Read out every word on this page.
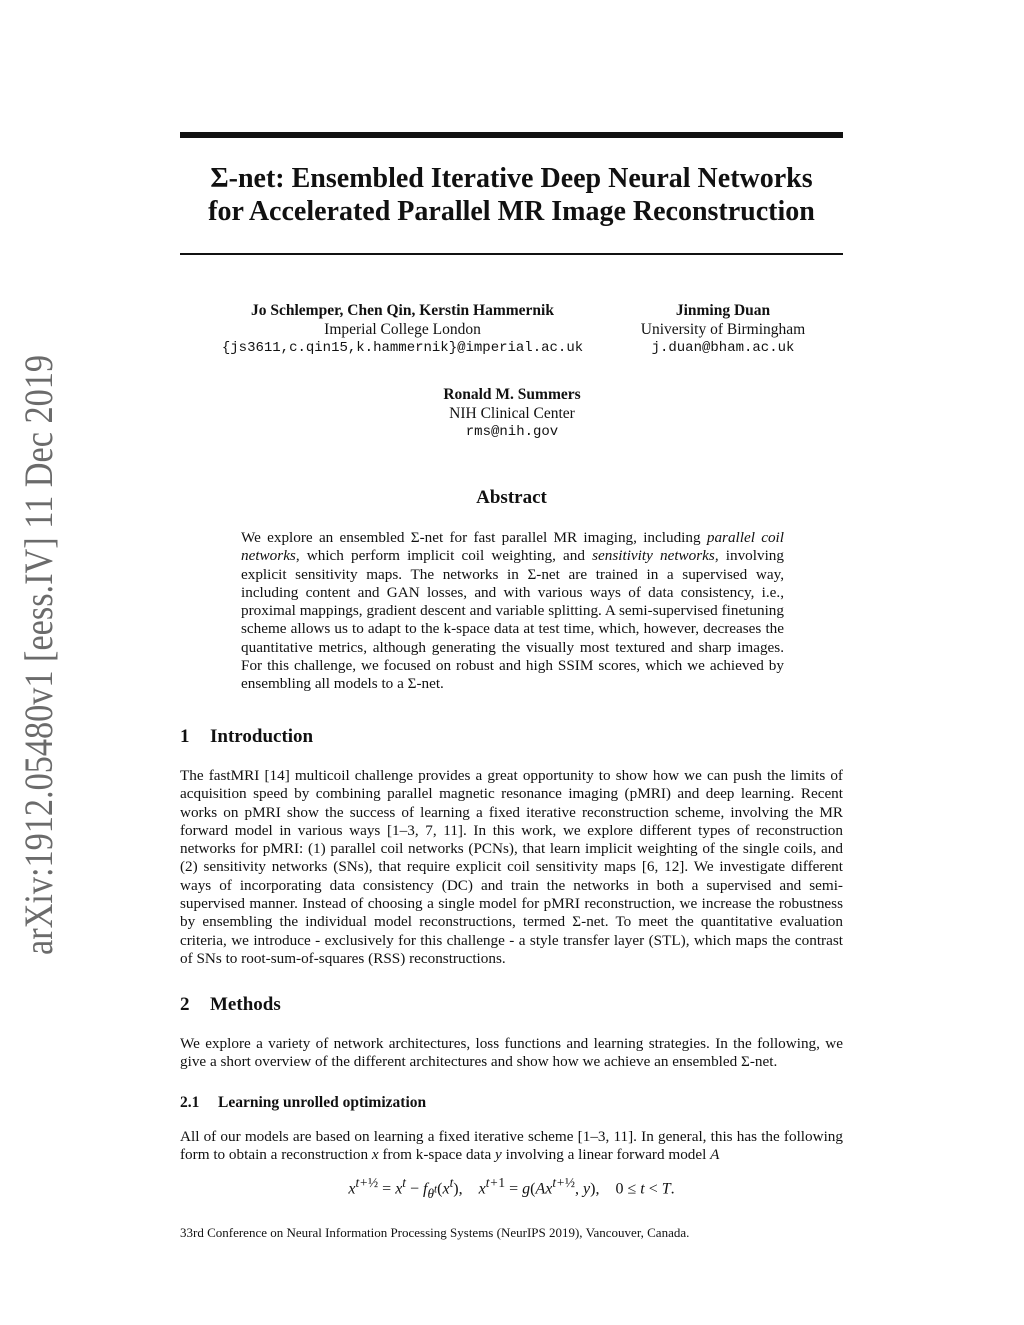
arXiv:1912.05480v1 [eess.IV] 11 Dec 2019
Σ-net: Ensembled Iterative Deep Neural Networks
for Accelerated Parallel MR Image Reconstruction
Jo Schlemper, Chen Qin, Kerstin Hammernik
Imperial College London
{js3611,c.qin15,k.hammernik}@imperial.ac.uk
Jinming Duan
University of Birmingham
j.duan@bham.ac.uk
Ronald M. Summers
NIH Clinical Center
rms@nih.gov
Abstract
We explore an ensembled Σ-net for fast parallel MR imaging, including parallel coil networks, which perform implicit coil weighting, and sensitivity networks, involving explicit sensitivity maps. The networks in Σ-net are trained in a supervised way, including content and GAN losses, and with various ways of data consistency, i.e., proximal mappings, gradient descent and variable splitting. A semi-supervised finetuning scheme allows us to adapt to the k-space data at test time, which, however, decreases the quantitative metrics, although generating the visually most textured and sharp images. For this challenge, we focused on robust and high SSIM scores, which we achieved by ensembling all models to a Σ-net.
1 Introduction
The fastMRI [14] multicoil challenge provides a great opportunity to show how we can push the limits of acquisition speed by combining parallel magnetic resonance imaging (pMRI) and deep learning. Recent works on pMRI show the success of learning a fixed iterative reconstruction scheme, involving the MR forward model in various ways [1–3, 7, 11]. In this work, we explore different types of reconstruction networks for pMRI: (1) parallel coil networks (PCNs), that learn implicit weighting of the single coils, and (2) sensitivity networks (SNs), that require explicit coil sensitivity maps [6, 12]. We investigate different ways of incorporating data consistency (DC) and train the networks in both a supervised and semi-supervised manner. Instead of choosing a single model for pMRI reconstruction, we increase the robustness by ensembling the individual model reconstructions, termed Σ-net. To meet the quantitative evaluation criteria, we introduce - exclusively for this challenge - a style transfer layer (STL), which maps the contrast of SNs to root-sum-of-squares (RSS) reconstructions.
2 Methods
We explore a variety of network architectures, loss functions and learning strategies. In the following, we give a short overview of the different architectures and show how we achieve an ensembled Σ-net.
2.1 Learning unrolled optimization
All of our models are based on learning a fixed iterative scheme [1–3, 11]. In general, this has the following form to obtain a reconstruction x from k-space data y involving a linear forward model A
$x^{t+\frac{1}{2}} = x^t - f_{\theta^t}(x^t)$,    $x^{t+1} = g(Ax^{t+\frac{1}{2}}$, y), 0 ≤ t < T.
33rd Conference on Neural Information Processing Systems (NeurIPS 2019), Vancouver, Canada.
